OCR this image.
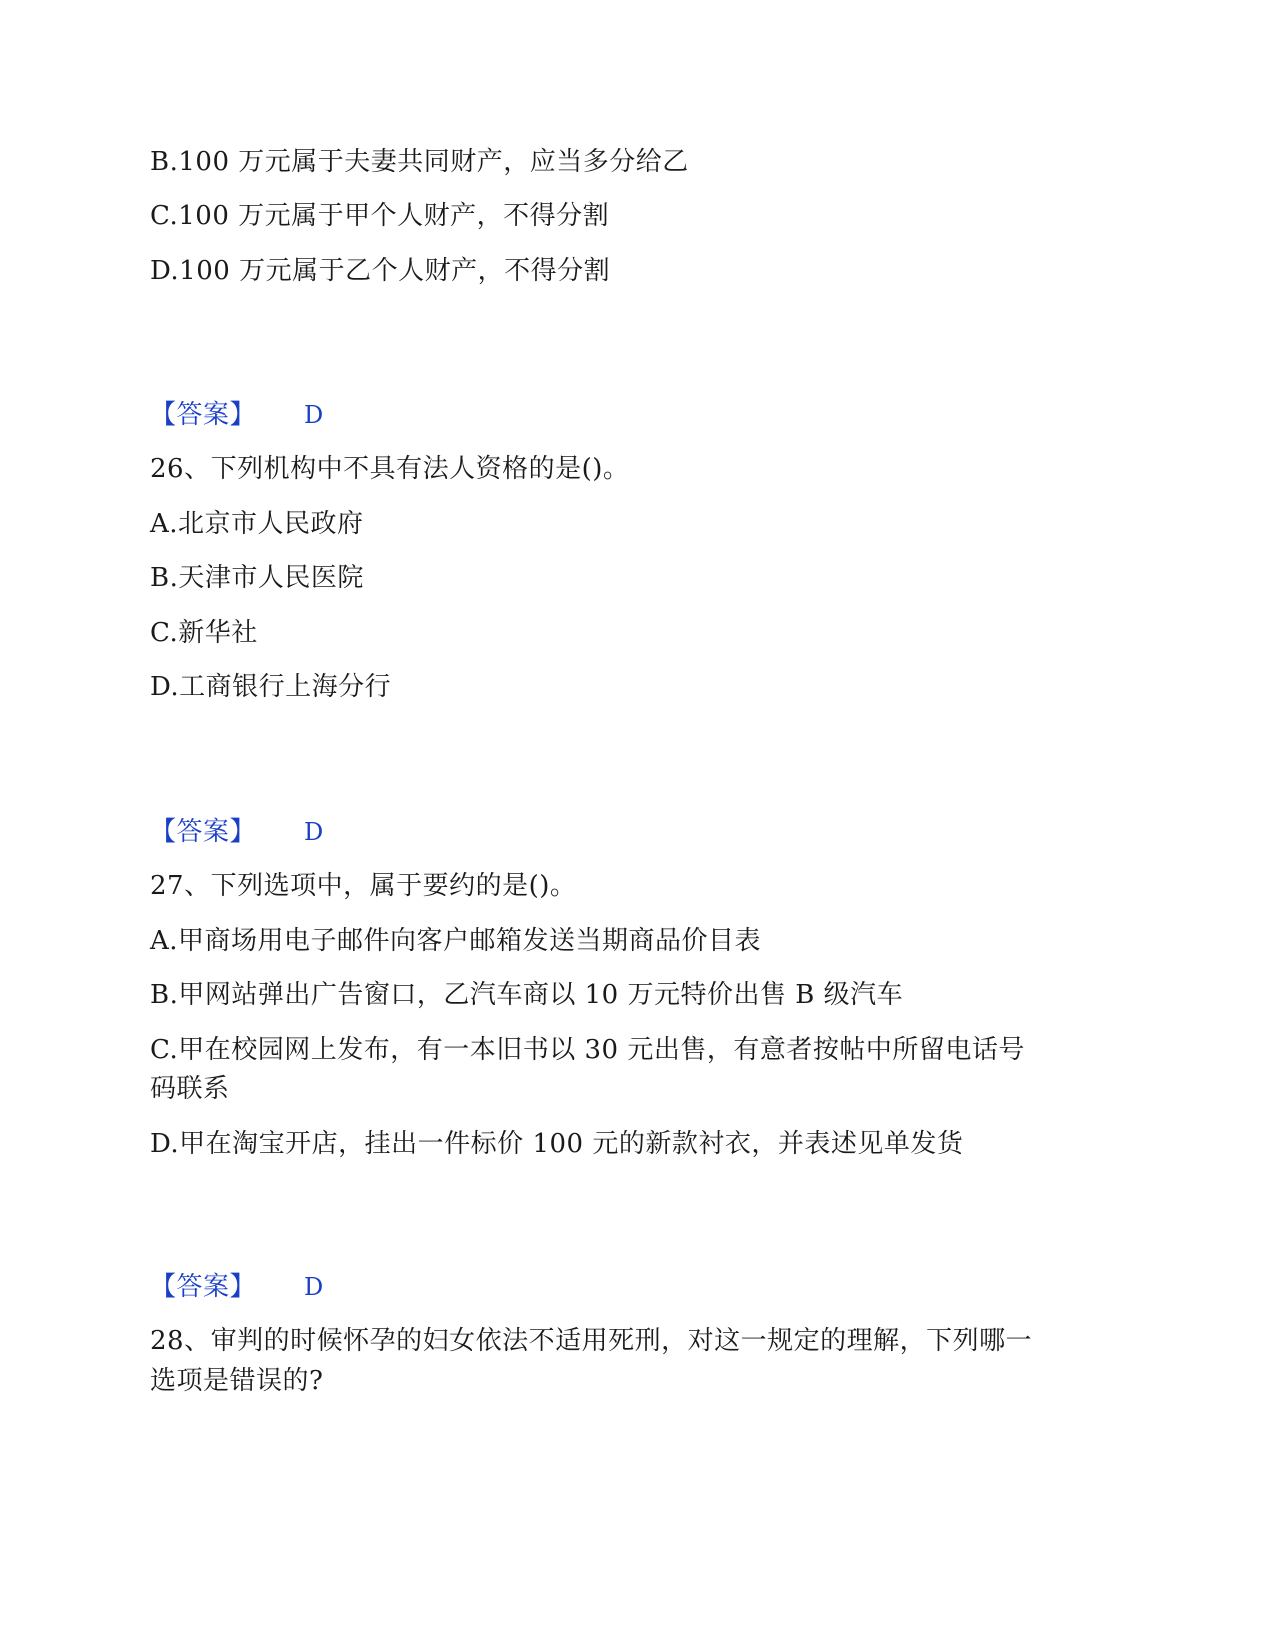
B.100 万元属于夫妻共同财产，应当多分给乙
C.100 万元属于甲个人财产，不得分割
D.100 万元属于乙个人财产，不得分割
【答案】 D
26、下列机构中不具有法人资格的是()。
A.北京市人民政府
B.天津市人民医院
C.新华社
D.工商银行上海分行
【答案】 D
27、下列选项中，属于要约的是()。
A.甲商场用电子邮件向客户邮箱发送当期商品价目表
B.甲网站弹出广告窗口，乙汽车商以 10 万元特价出售 B 级汽车
C.甲在校园网上发布，有一本旧书以 30 元出售，有意者按帖中所留电话号
码联系
D.甲在淘宝开店，挂出一件标价 100 元的新款衬衣，并表述见单发货
【答案】 D
28、审判的时候怀孕的妇女依法不适用死刑，对这一规定的理解，下列哪一
选项是错误的?
